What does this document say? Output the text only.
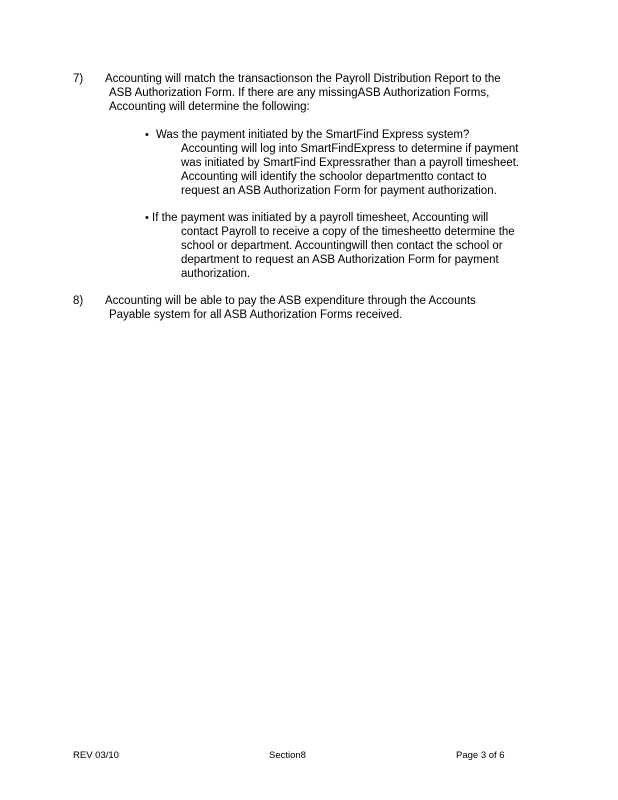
7) Accounting will match the transactionson the Payroll Distribution Report to the
ASB Authorization Form. If there are any missingASB Authorization Forms,
Accounting will determine the following:
• Was the payment initiated by the SmartFind Express system?
Accounting will log into SmartFindExpress to determine if payment
was initiated by SmartFind Expressrather than a payroll timesheet.
Accounting will identify the schoolor departmentto contact to
request an ASB Authorization Form for payment authorization.
• If the payment was initiated by a payroll timesheet, Accounting will
contact Payroll to receive a copy of the timesheetto determine the
school or department. Accountingwill then contact the school or
department to request an ASB Authorization Form for payment
authorization.
8) Accounting will be able to pay the ASB expenditure through the Accounts
Payable system for all ASB Authorization Forms received.
REV 03/10	Section8	Page 3 of 6
